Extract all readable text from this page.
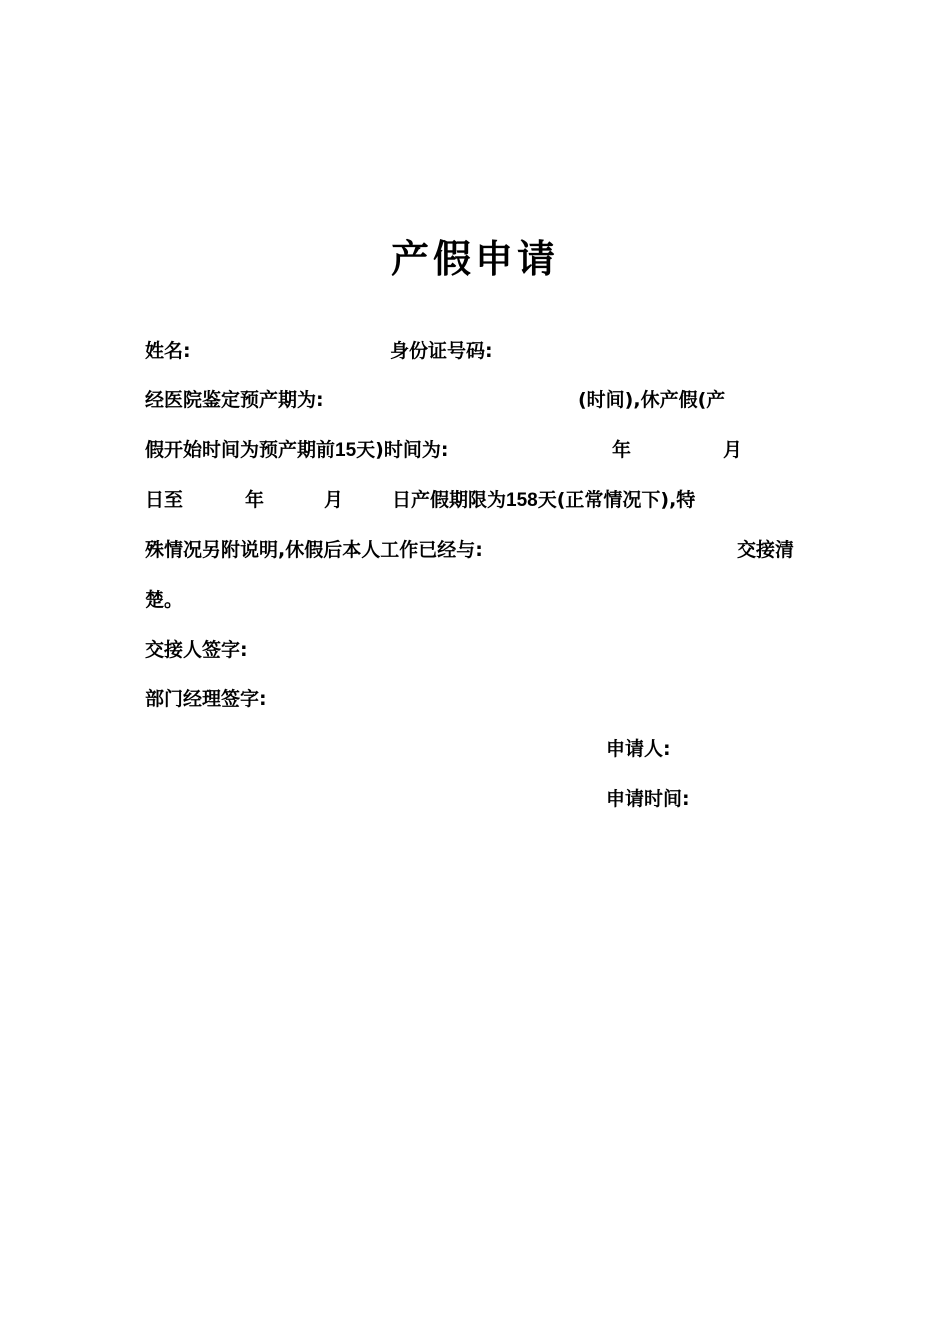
产假申请
姓名:	身份证号码:
经医院鉴定预产期为:	(时间),休产假(产
假开始时间为预产期前15天)时间为:	年	月
日至	年	月	日产假期限为158天(正常情况下),特
殊情况另附说明,休假后本人工作已经与:	交接清
楚。
交接人签字:
部门经理签字:
申请人:
申请时间:
